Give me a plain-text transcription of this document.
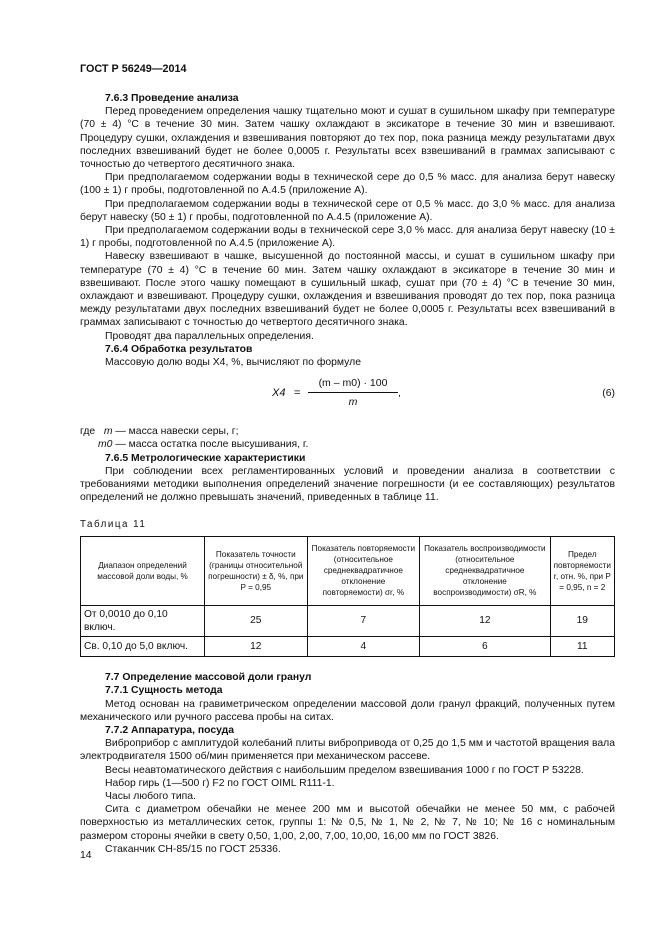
ГОСТ Р 56249—2014

7.6.3 Проведение анализа

Перед проведением определения чашку тщательно моют и сушат в сушильном шкафу при температуре (70 ± 4) °С в течение 30 мин. Затем чашку охлаждают в эксикаторе в течение 30 мин и взвешивают. Процедуру сушки, охлаждения и взвешивания повторяют до тех пор, пока разница между результатами двух последних взвешиваний будет не более 0,0005 г. Результаты всех взвешиваний в граммах записывают с точностью до четвертого десятичного знака.

При предполагаемом содержании воды в технической сере до 0,5 % масс. для анализа берут навеску (100 ± 1) г пробы, подготовленной по А.4.5 (приложение А).

При предполагаемом содержании воды в технической сере от 0,5 % масс. до 3,0 % масс. для анализа берут навеску (50 ± 1) г пробы, подготовленной по А.4.5 (приложение А).

При предполагаемом содержании воды в технической сере 3,0 % масс. для анализа берут навеску (10 ± 1) г пробы, подготовленной по А.4.5 (приложение А).

Навеску взвешивают в чашке, высушенной до постоянной массы, и сушат в сушильном шкафу при температуре (70 ± 4) °С в течение 60 мин. Затем чашку охлаждают в эксикаторе в течение 30 мин и взвешивают. После этого чашку помещают в сушильный шкаф, сушат при (70 ± 4) °С в течение 30 мин, охлаждают и взвешивают. Процедуру сушки, охлаждения и взвешивания проводят до тех пор, пока разница между результатами двух последних взвешиваний будет не более 0,0005 г. Результаты всех взвешиваний в граммах записывают с точностью до четвертого десятичного знака.

Проводят два параллельных определения.

7.6.4 Обработка результатов

Массовую долю воды X4, %, вычисляют по формуле

$X4 = \frac{(m - m0) \cdot 100}{m}$ ,	(6)

где m — масса навески серы, г;

m0 — масса остатка после высушивания, г.

7.6.5 Метрологические характеристики

При соблюдении всех регламентированных условий и проведении анализа в соответствии с требованиями методики выполнения определений значение погрешности (и ее составляющих) результатов определений не должно превышать значений, приведенных в таблице 11.

Таблица 11

Диапазон определений массовой доли воды, %	Показатель точности (границы относительной погрешности) ± δ, %, при P = 0,95	Показатель повторяемости (относительное среднеквадратичное отклонение повторяемости) σr, %	Показатель воспроизводимости (относительное среднеквадратичное отклонение воспроизводимости) σR, %	Предел повторяемости r, отн. %, при P = 0,95, n = 2
От 0,0010 до 0,10 включ.	25	7	12	19
Св. 0,10 до 5,0 включ.	12	4	6	11

7.7 Определение массовой доли гранул

7.7.1 Сущность метода

Метод основан на гравиметрическом определении массовой доли гранул фракций, полученных путем механического или ручного рассева пробы на ситах.

7.7.2 Аппаратура, посуда

Виброприбор с амплитудой колебаний плиты вибропривода от 0,25 до 1,5 мм и частотой вращения вала электродвигателя 1500 об/мин применяется при механическом рассеве.

Весы неавтоматического действия с наибольшим пределом взвешивания 1000 г по ГОСТ Р 53228.

Набор гирь (1—500 г) F2 по ГОСТ OIML R111-1.

Часы любого типа.

Сита с диаметром обечайки не менее 200 мм и высотой обечайки не менее 50 мм, с рабочей поверхностью из металлических сеток, группы 1: № 0,5, № 1, № 2, № 7, № 10; № 16 с номинальным размером стороны ячейки в свету 0,50, 1,00, 2,00, 7,00, 10,00, 16,00 мм по ГОСТ 3826.

Стаканчик СН-85/15 по ГОСТ 25336.

14
